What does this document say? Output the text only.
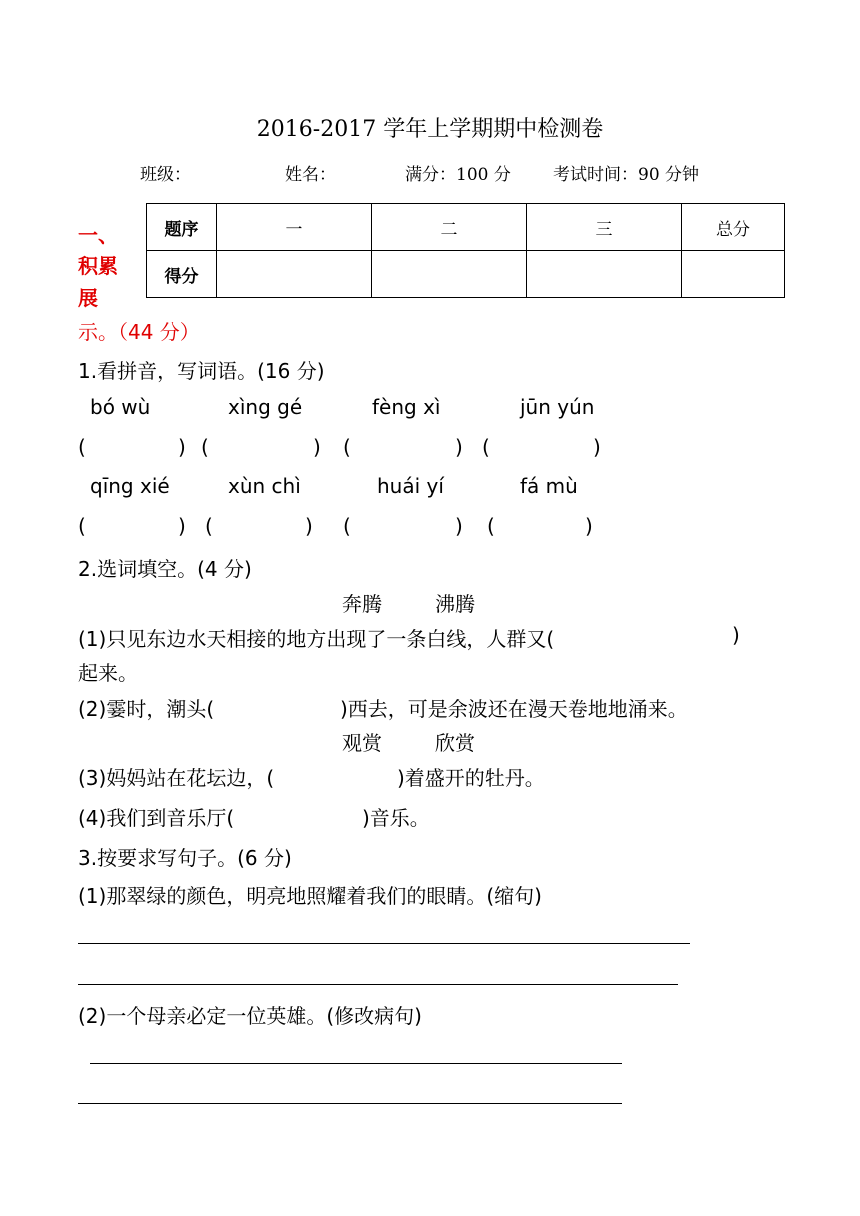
2016-2017 学年上学期期中检测卷
班级：	姓名：	满分：100 分 考试时间：90 分钟
一、
积累
展
示。（44 分）
题序	一	二	三	总分
得分				
1.看拼音，写词语。(16 分)
bó wù	xìng gé	fèng xì	jūn yún
(	) (	) (	) (	)
qīng xié	xùn chì	huái yí	fá mù
(	) (	) (	) (	)
2.选词填空。(4 分)
奔腾	沸腾
(1)只见东边水天相接的地方出现了一条白线，人群又(	)
起来。
(2)霎时，潮头(	)西去，可是余波还在漫天卷地地涌来。
观赏	欣赏
(3)妈妈站在花坛边，(	)着盛开的牡丹。
(4)我们到音乐厅(	)音乐。
3.按要求写句子。(6 分)
(1)那翠绿的颜色，明亮地照耀着我们的眼睛。(缩句)
(2)一个母亲必定一位英雄。(修改病句)
